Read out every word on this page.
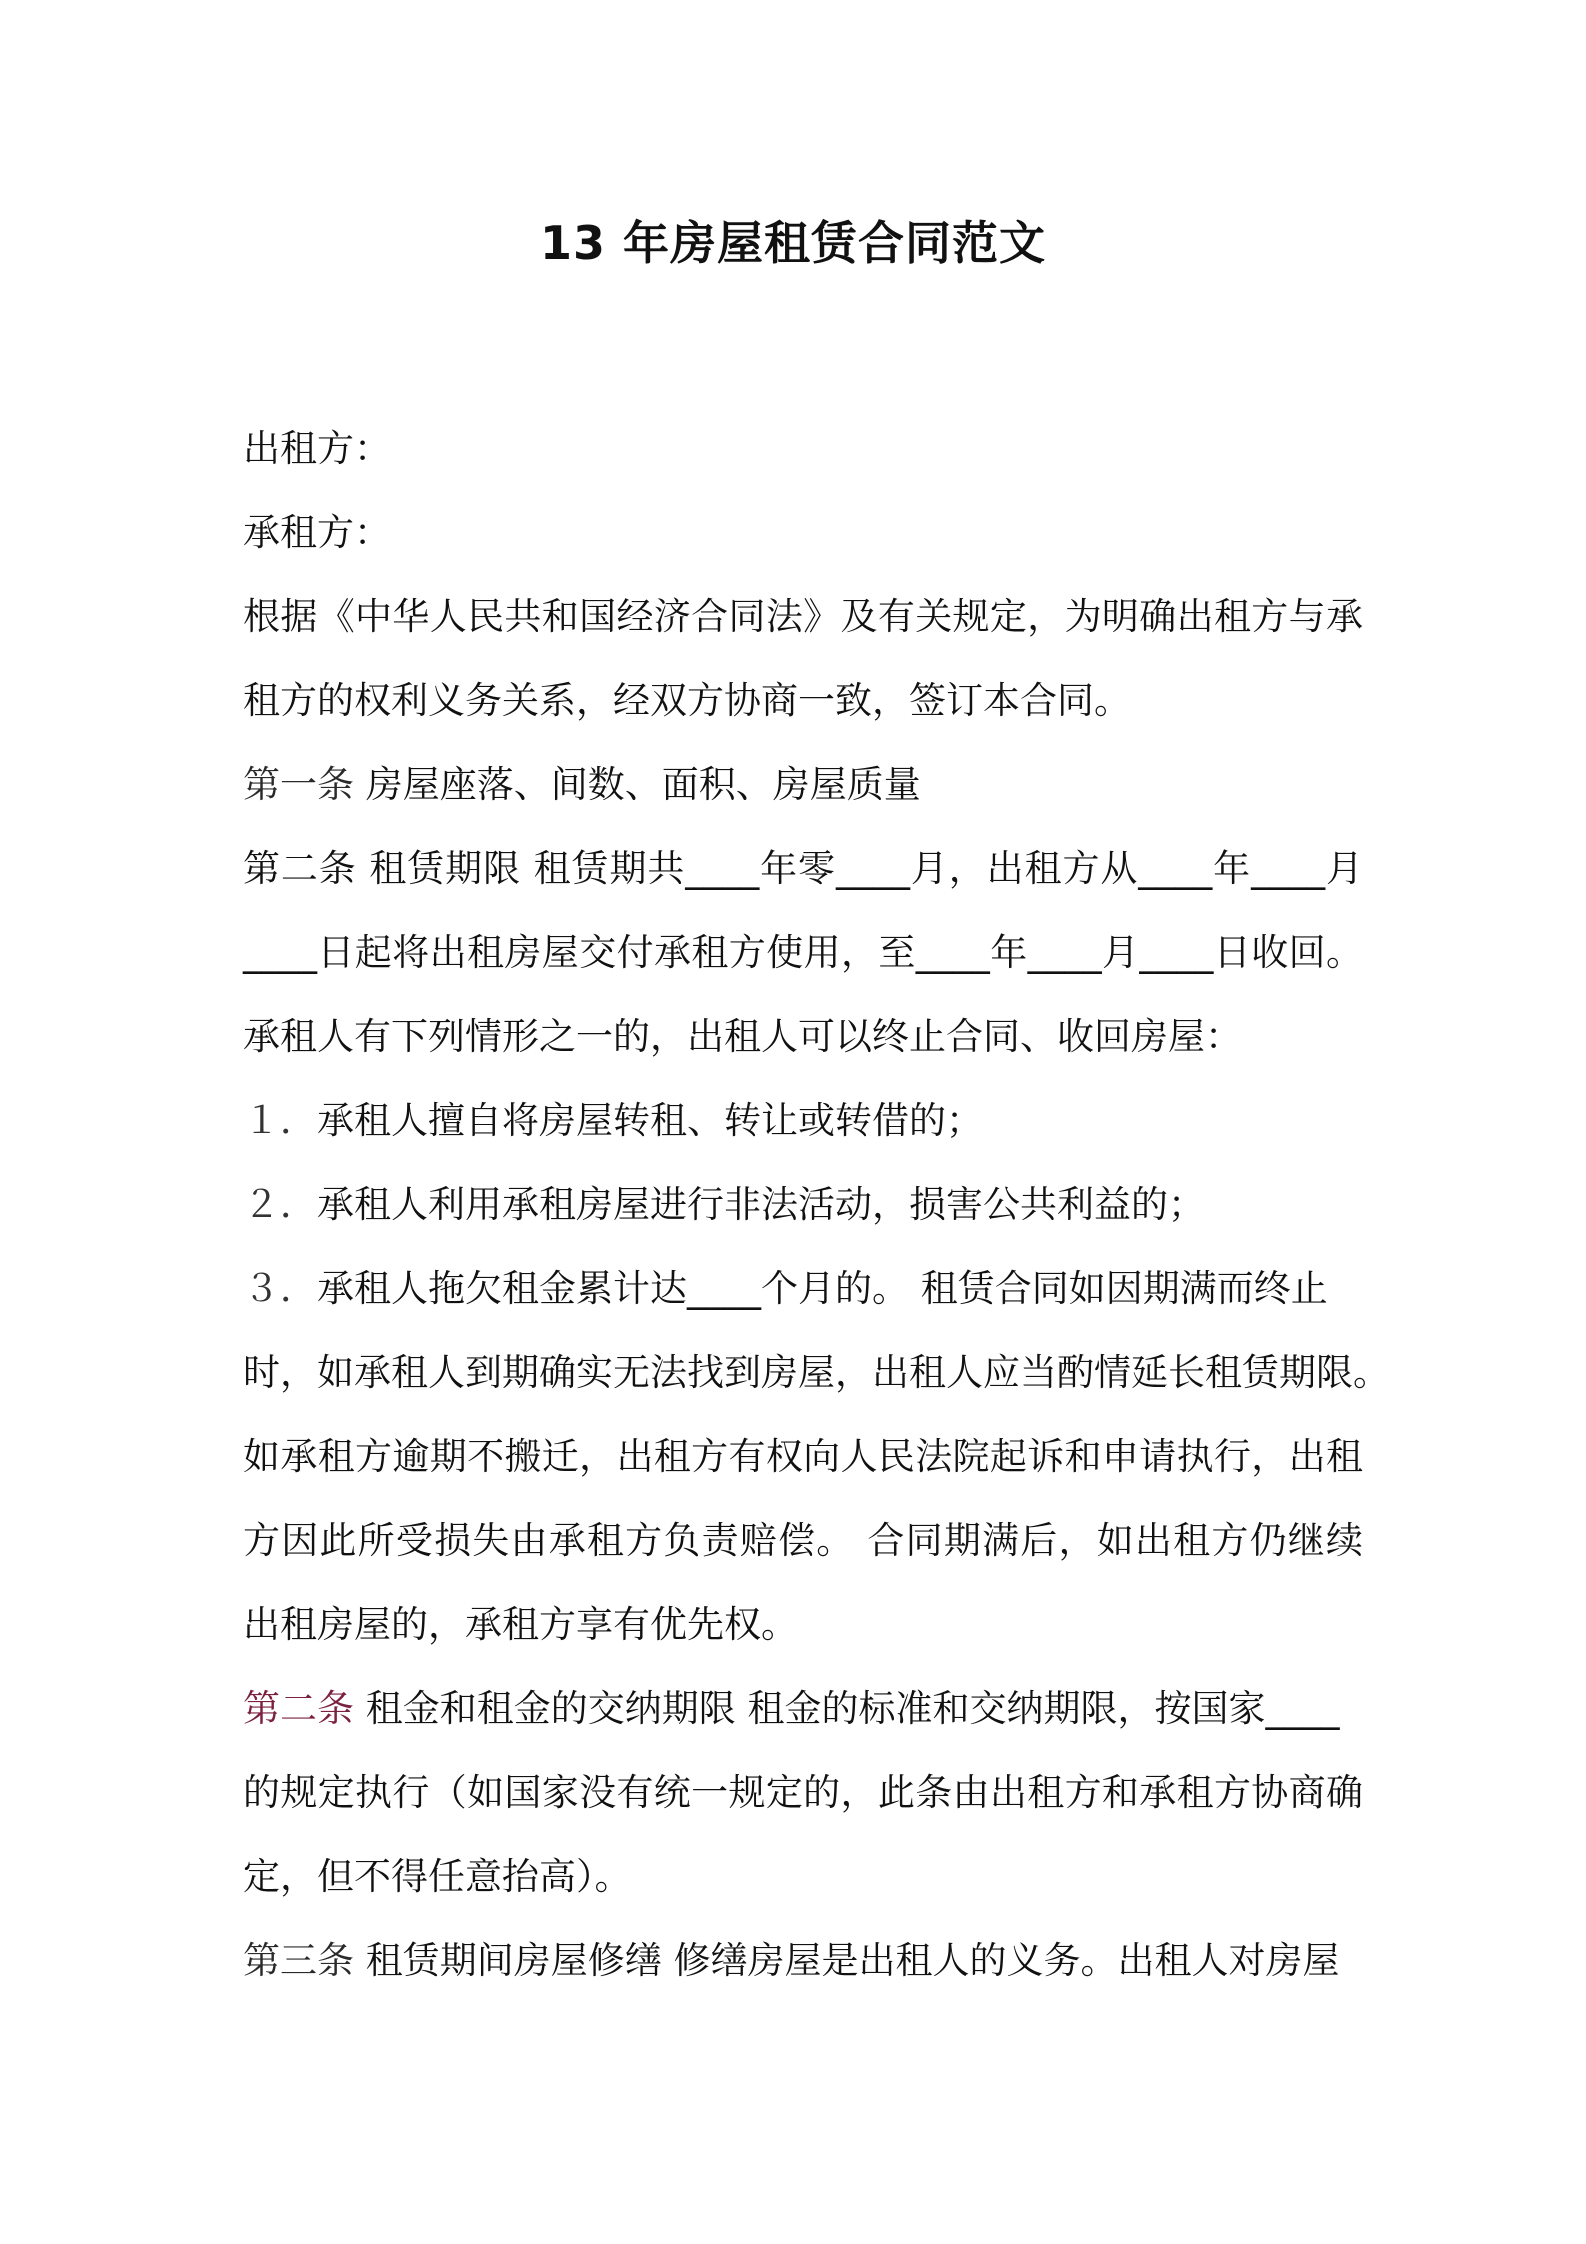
13 年房屋租赁合同范文
出租方：
承租方：
根据《中华人民共和国经济合同法》及有关规定，为明确出租方与承
租方的权利义务关系，经双方协商一致，签订本合同。
第一条 房屋座落、间数、面积、房屋质量
第二条 租赁期限 租赁期共____年零____月，出租方从____年____月
____日起将出租房屋交付承租方使用，至____年____月____日收回。
承租人有下列情形之一的，出租人可以终止合同、收回房屋：
１．承租人擅自将房屋转租、转让或转借的；
２．承租人利用承租房屋进行非法活动，损害公共利益的；
３．承租人拖欠租金累计达____个月的。 租赁合同如因期满而终止
时，如承租人到期确实无法找到房屋，出租人应当酌情延长租赁期限。
如承租方逾期不搬迁，出租方有权向人民法院起诉和申请执行，出租
方因此所受损失由承租方负责赔偿。 合同期满后，如出租方仍继续
出租房屋的，承租方享有优先权。
第二条 租金和租金的交纳期限 租金的标准和交纳期限，按国家____
的规定执行（如国家没有统一规定的，此条由出租方和承租方协商确
定，但不得任意抬高）。
第三条 租赁期间房屋修缮 修缮房屋是出租人的义务。出租人对房屋
